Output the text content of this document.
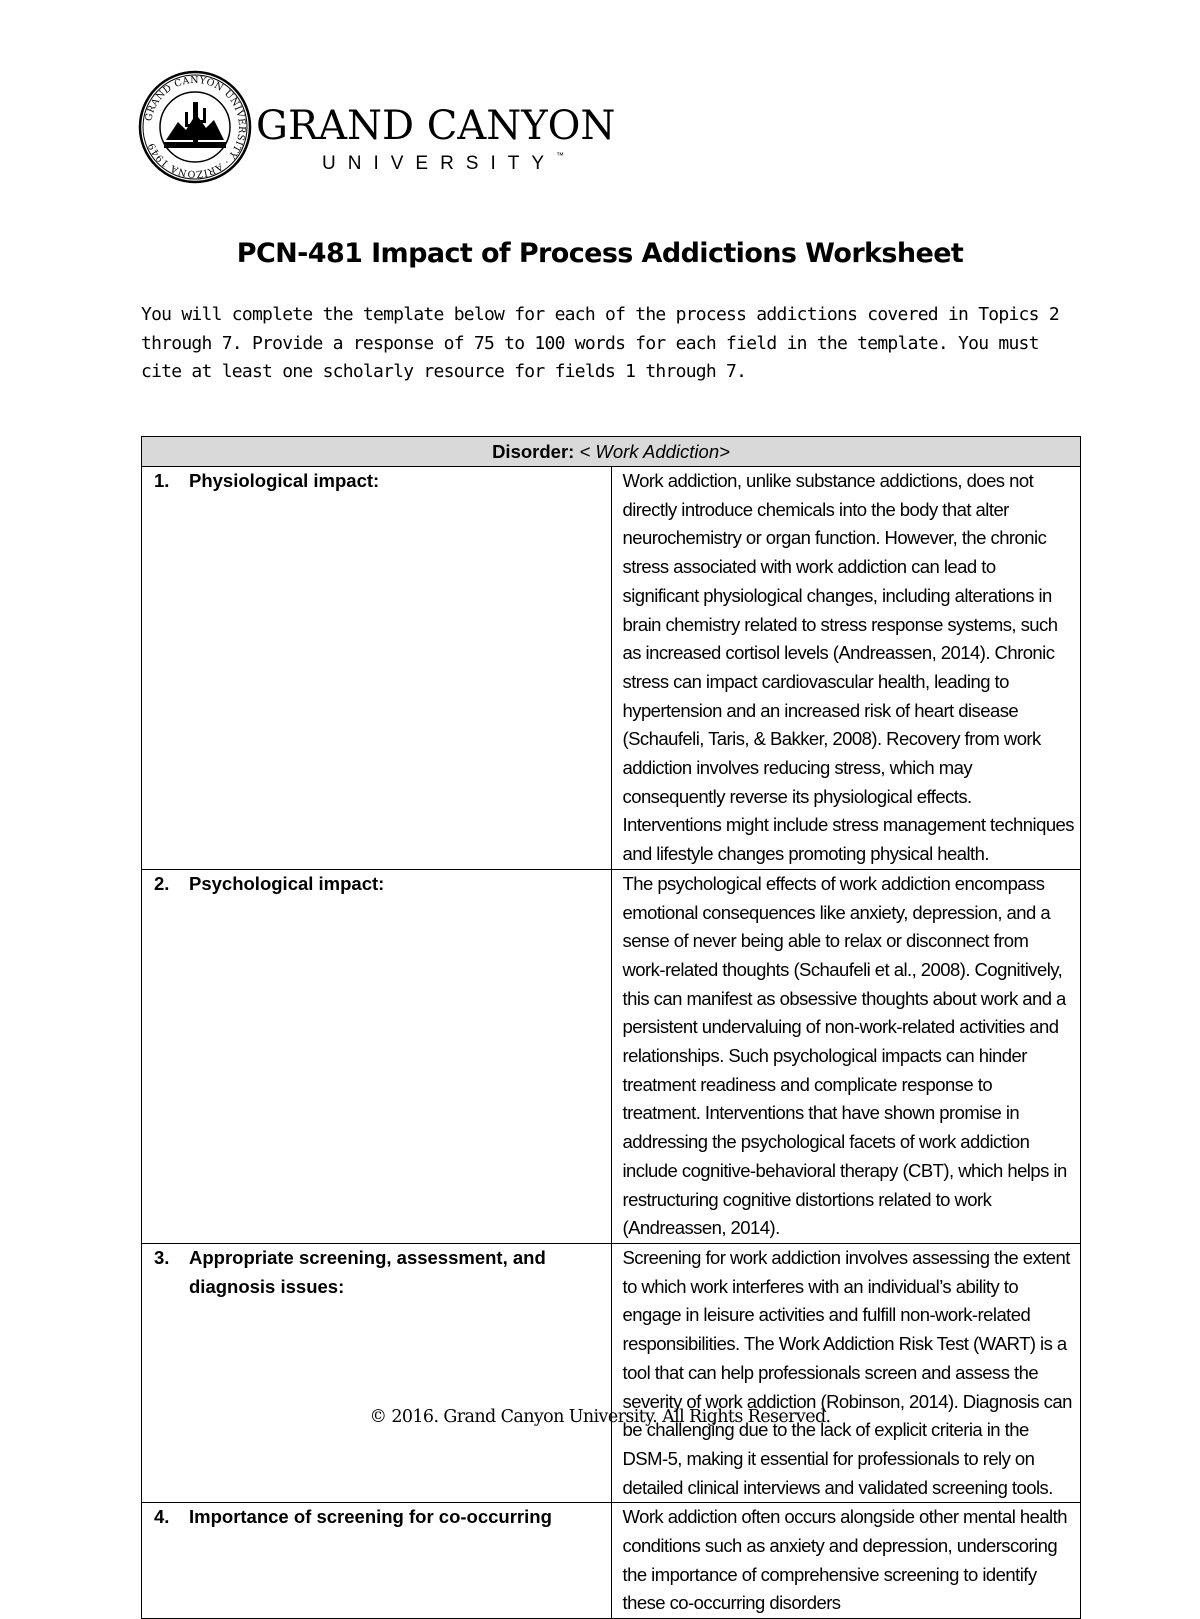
GRAND CANYON UNIVERSITY · ARIZONA 1949	GRAND CANYON
UNIVERSITY™
PCN-481 Impact of Process Addictions Worksheet

You will complete the template below for each of the process addictions covered in Topics 2 through 7. Provide a response of 75 to 100 words for each field in the template. You must cite at least one scholarly resource for fields 1 through 7.

Disorder: < Work Addiction>	

1. Physiological impact:	Work addiction, unlike substance addictions, does not directly introduce chemicals into the body that alter neurochemistry or organ function. However, the chronic stress associated with work addiction can lead to significant physiological changes, including alterations in brain chemistry related to stress response systems, such as increased cortisol levels (Andreassen, 2014). Chronic stress can impact cardiovascular health, leading to hypertension and an increased risk of heart disease (Schaufeli, Taris, & Bakker, 2008). Recovery from work addiction involves reducing stress, which may consequently reverse its physiological effects. Interventions might include stress management techniques and lifestyle changes promoting physical health.

2. Psychological impact:	The psychological effects of work addiction encompass emotional consequences like anxiety, depression, and a sense of never being able to relax or disconnect from work-related thoughts (Schaufeli et al., 2008). Cognitively, this can manifest as obsessive thoughts about work and a persistent undervaluing of non-work-related activities and relationships. Such psychological impacts can hinder treatment readiness and complicate response to treatment. Interventions that have shown promise in addressing the psychological facets of work addiction include cognitive-behavioral therapy (CBT), which helps in restructuring cognitive distortions related to work (Andreassen, 2014).

3. Appropriate screening, assessment, and diagnosis issues:	Screening for work addiction involves assessing the extent to which work interferes with an individual’s ability to engage in leisure activities and fulfill non-work-related responsibilities. The Work Addiction Risk Test (WART) is a tool that can help professionals screen and assess the severity of work addiction (Robinson, 2014). Diagnosis can be challenging due to the lack of explicit criteria in the DSM-5, making it essential for professionals to rely on detailed clinical interviews and validated screening tools.

4. Importance of screening for co-occurring	Work addiction often occurs alongside other mental health conditions such as anxiety and depression, underscoring the importance of comprehensive screening to identify these co-occurring disorders
© 2016. Grand Canyon University. All Rights Reserved.
